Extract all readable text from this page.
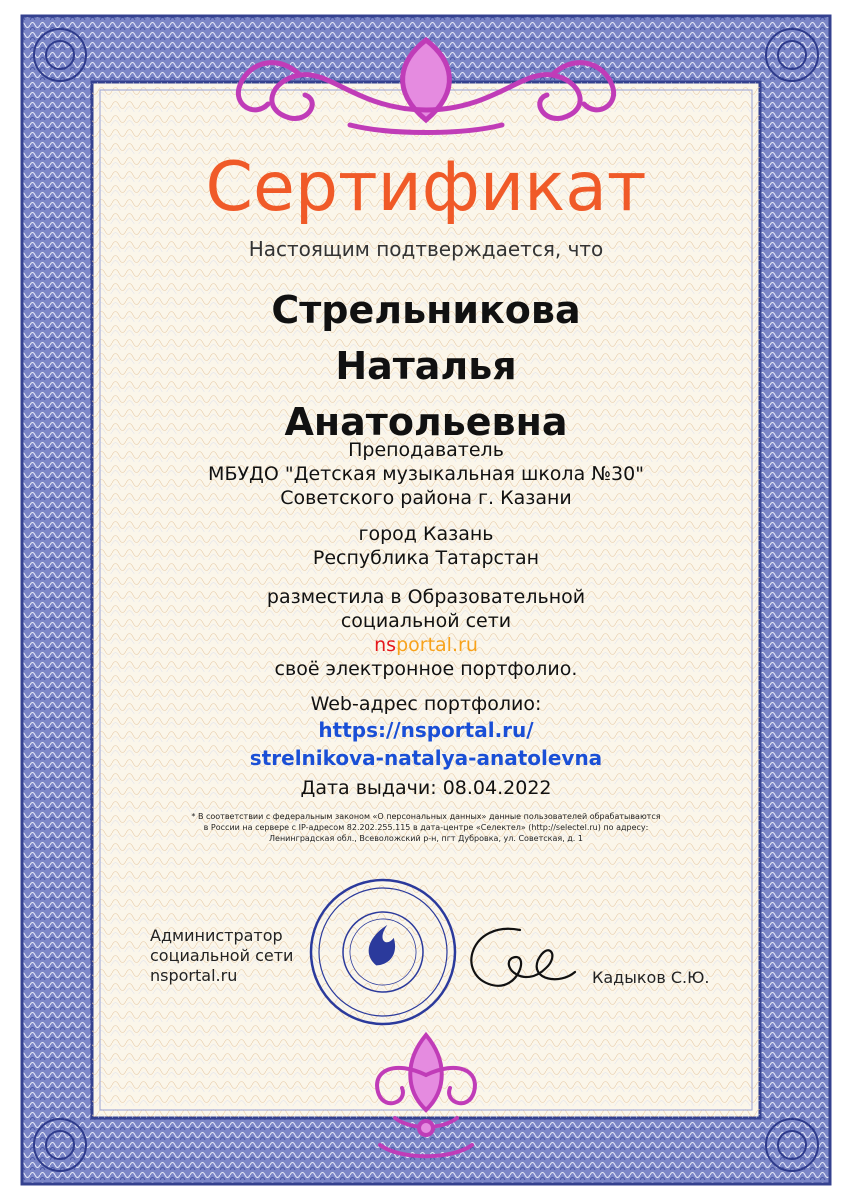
Сертификат
Настоящим подтверждается, что
Стрельникова
Наталья
Анатольевна
Преподаватель
МБУДО "Детская музыкальная школа №30"
Советского района г. Казани
город Казань
Республика Татарстан
разместила в Образовательной
социальной сети
nsportal.ru
своё электронное портфолио.
Web-адрес портфолио:
https://nsportal.ru/
strelnikova-natalya-anatolevna
Дата выдачи: 08.04.2022
* В соответствии с федеральным законом «О персональных данных» данные пользователей обрабатываются
в России на сервере с IP-адресом 82.202.255.115 в дата-центре «Селектел» (http://selectel.ru) по адресу:
Ленинградская обл., Всеволожский р-н, пгт Дубровка, ул. Советская, д. 1
Администратор
социальной сети
nsportal.ru	Кадыков С.Ю.
